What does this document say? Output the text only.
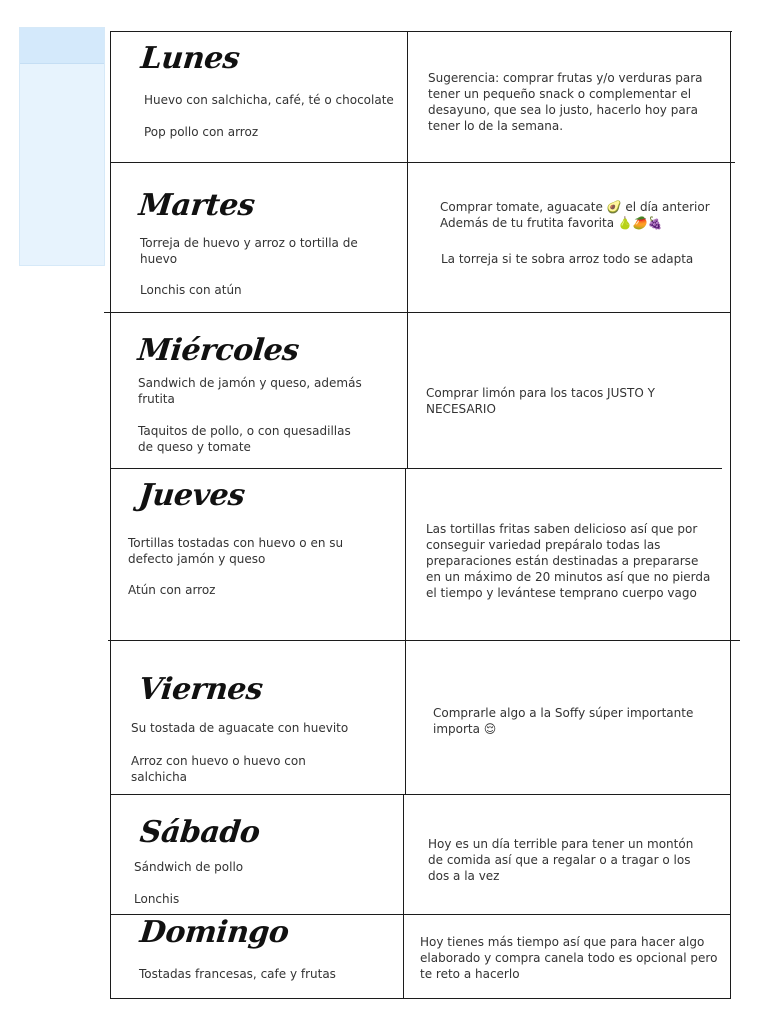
Lunes
Huevo con salchicha, café, té o chocolate
Pop pollo con arroz
Sugerencia: comprar frutas y/o verduras para tener un pequeño snack o complementar el desayuno, que sea lo justo, hacerlo hoy para tener lo de la semana.
Martes
Torreja de huevo y arroz o tortilla de huevo
Lonchis con atún
Comprar tomate, aguacate 🥑 el día anterior
Además de tu frutita favorita 🍐🥭🍇
La torreja si te sobra arroz todo se adapta
Miércoles
Sandwich de jamón y queso, además frutita
Taquitos de pollo, o con quesadillas de queso y tomate
Comprar limón para los tacos JUSTO Y NECESARIO
Jueves
Tortillas tostadas con huevo o en su defecto jamón y queso
Atún con arroz
Las tortillas fritas saben delicioso así que por conseguir variedad prepáralo todas las preparaciones están destinadas a prepararse en un máximo de 20 minutos así que no pierda el tiempo y levántese temprano cuerpo vago
Viernes
Su tostada de aguacate con huevito
Arroz con huevo o huevo con salchicha
Comprarle algo a la Soffy súper importante importa 😌
Sábado
Sándwich de pollo
Lonchis
Hoy es un día terrible para tener un montón de comida así que a regalar o a tragar o los dos a la vez
Domingo
Tostadas francesas, cafe y frutas
Hoy tienes más tiempo así que para hacer algo elaborado y compra canela todo es opcional pero te reto a hacerlo
